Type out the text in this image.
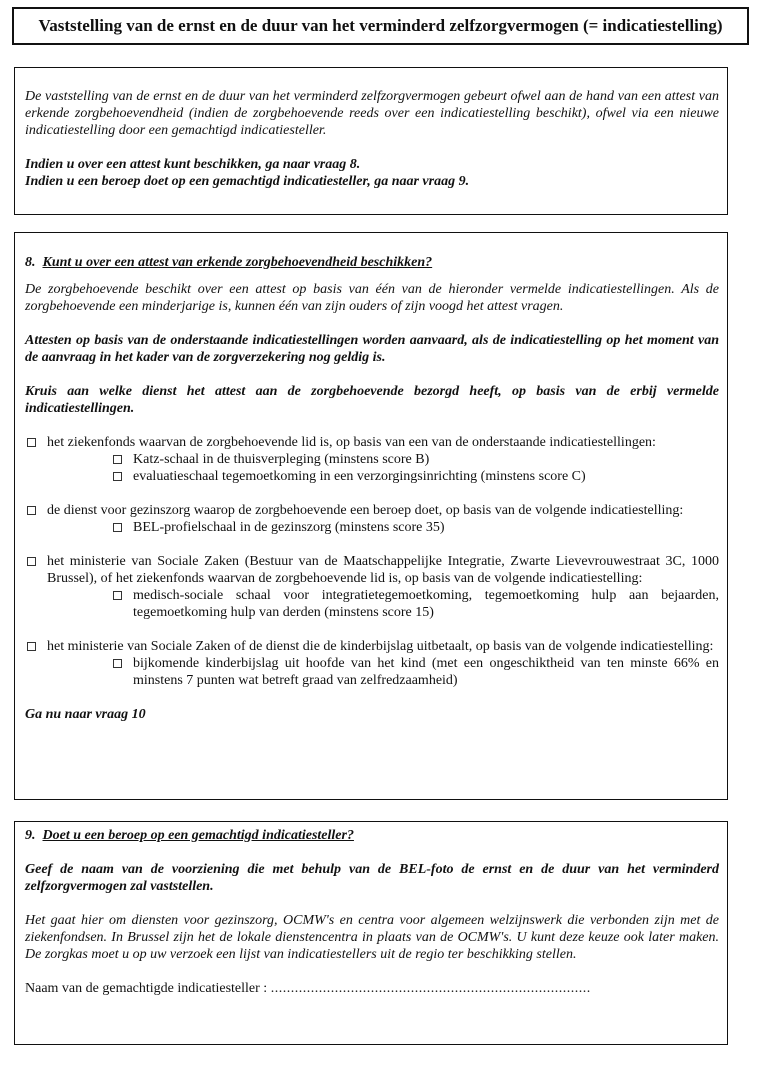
Vaststelling van de ernst en de duur van het verminderd zelfzorgvermogen (= indicatiestelling)

De vaststelling van de ernst en de duur van het verminderd zelfzorgvermogen gebeurt ofwel aan de hand van een attest van erkende zorgbehoevendheid (indien de zorgbehoevende reeds over een indicatiestelling beschikt), ofwel via een nieuwe indicatiestelling door een gemachtigd indicatiesteller.

Indien u over een attest kunt beschikken, ga naar vraag 8.

Indien u een beroep doet op een gemachtigd indicatiesteller, ga naar vraag 9.

8. Kunt u over een attest van erkende zorgbehoevendheid beschikken?

De zorgbehoevende beschikt over een attest op basis van één van de hieronder vermelde indicatiestellingen. Als de zorgbehoevende een minderjarige is, kunnen één van zijn ouders of zijn voogd het attest vragen.

Attesten op basis van de onderstaande indicatiestellingen worden aanvaard, als de indicatiestelling op het moment van de aanvraag in het kader van de zorgverzekering nog geldig is.

Kruis aan welke dienst het attest aan de zorgbehoevende bezorgd heeft, op basis van de erbij vermelde indicatiestellingen.

het ziekenfonds waarvan de zorgbehoevende lid is, op basis van een van de onderstaande indicatiestellingen:
Katz-schaal in de thuisverpleging (minstens score B)
evaluatieschaal tegemoetkoming in een verzorgingsinrichting (minstens score C)
de dienst voor gezinszorg waarop de zorgbehoevende een beroep doet, op basis van de volgende indicatiestelling:
BEL-profielschaal in de gezinszorg (minstens score 35)
het ministerie van Sociale Zaken (Bestuur van de Maatschappelijke Integratie, Zwarte Lievevrouwestraat 3C, 1000 Brussel), of het ziekenfonds waarvan de zorgbehoevende lid is, op basis van de volgende indicatiestelling:
medisch-sociale schaal voor integratietegemoetkoming, tegemoetkoming hulp aan bejaarden, tegemoetkoming hulp van derden (minstens score 15)
het ministerie van Sociale Zaken of de dienst die de kinderbijslag uitbetaalt, op basis van de volgende indicatiestelling:
bijkomende kinderbijslag uit hoofde van het kind (met een ongeschiktheid van ten minste 66% en minstens 7 punten wat betreft graad van zelfredzaamheid)

Ga nu naar vraag 10

9. Doet u een beroep op een gemachtigd indicatiesteller?

Geef de naam van de voorziening die met behulp van de BEL-foto de ernst en de duur van het verminderd zelfzorgvermogen zal vaststellen.

Het gaat hier om diensten voor gezinszorg, OCMW's en centra voor algemeen welzijnswerk die verbonden zijn met de ziekenfondsen. In Brussel zijn het de lokale dienstencentra in plaats van de OCMW's. U kunt deze keuze ook later maken. De zorgkas moet u op uw verzoek een lijst van indicatiestellers uit de regio ter beschikking stellen.

Naam van de gemachtigde indicatiesteller : ................................................................................
